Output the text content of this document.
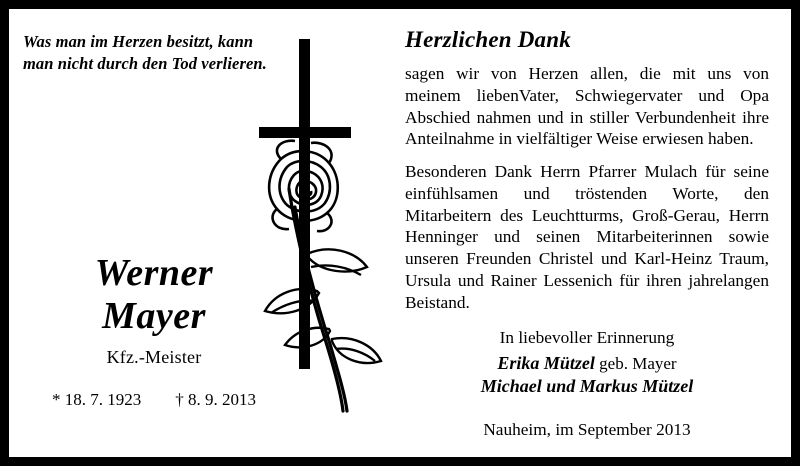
Was man im Herzen besitzt, kann
man nicht durch den Tod verlieren.
Werner
Mayer
Kfz.-Meister
* 18. 7. 1923 † 8. 9. 2013
Herzlichen Dank
sagen wir von Herzen allen, die mit uns von meinem liebenVater, Schwiegervater und Opa Abschied nahmen und in stiller Verbundenheit ihre Anteilnahme in vielfältiger Weise erwiesen haben.
Besonderen Dank Herrn Pfarrer Mulach für seine einfühlsamen und tröstenden Worte, den Mitarbeitern des Leuchtturms, Groß-Gerau, Herrn Henninger und seinen Mitarbeiterinnen sowie unseren Freunden Christel und Karl-Heinz Traum, Ursula und Rainer Lessenich für ihren jahrelangen Beistand.
In liebevoller Erinnerung
Erika Mützel geb. Mayer
Michael und Markus Mützel
Nauheim, im September 2013
